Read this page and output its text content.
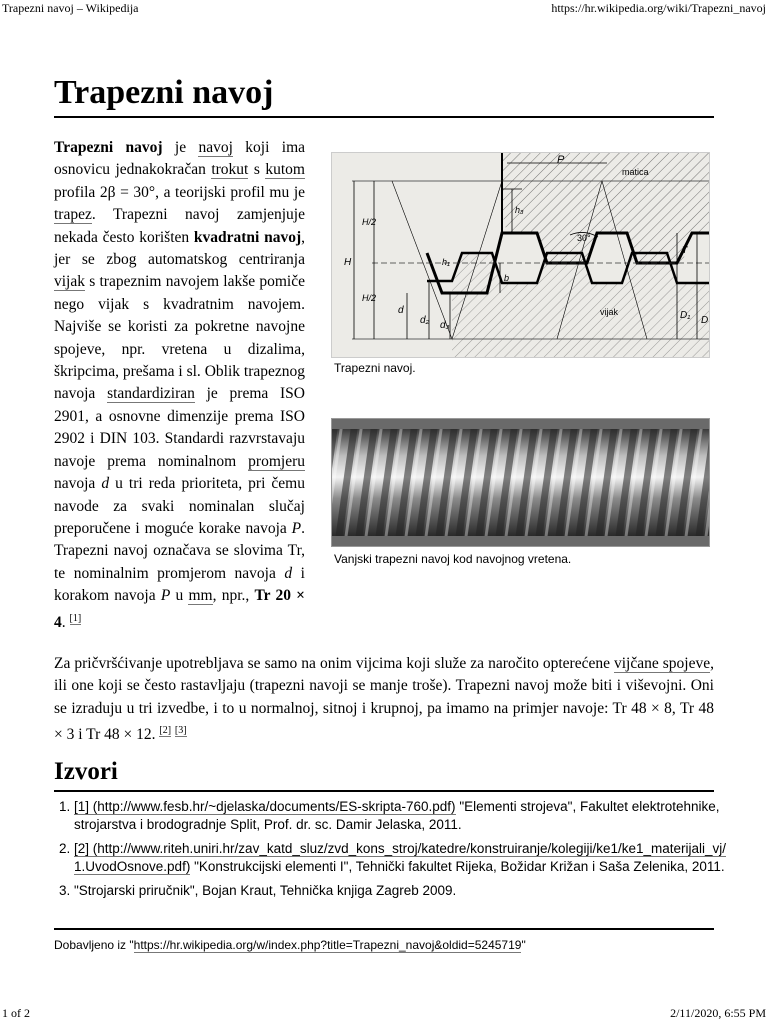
Trapezni navoj – Wikipedija	https://hr.wikipedia.org/wiki/Trapezni_navoj
Trapezni navoj
Trapezni navoj je navoj koji ima osnovicu jednakokračan trokut s kutom profila 2β = 30°, a teorijski profil mu je trapez. Trapezni navoj zamjenjuje nekada često korišten kvadratni navoj, jer se zbog automatskog centriranja vijak s trapeznim navojem lakše pomiče nego vijak s kvadratnim navojem. Najviše se koristi za pokretne navojne spojeve, npr. vretena u dizalima, škripcima, prešama i sl. Oblik trapeznog navoja standardiziran je prema ISO 2901, a osnovne dimenzije prema ISO 2902 i DIN 103. Standardi razvrstavaju navoje prema nominalnom promjeru navoja d u tri reda prioriteta, pri čemu navode za svaki nominalan slučaj preporučene i moguće korake navoja P. Trapezni navoj označava se slovima Tr, te nominalnim promjerom navoja d i korakom navoja P u mm, npr., Tr 20 × 4. [1]
P
matica
30°
vijak
H
H/2
H/2
d
d₂ d₃
h₁
h₃
b
D
D₁
T
Trapezni navoj.
Vanjski trapezni navoj kod navojnog vretena.
Za pričvršćivanje upotrebljava se samo na onim vijcima koji služe za naročito opterećene vijčane spojeve, ili one koji se često rastavljaju (trapezni navoji se manje troše). Trapezni navoj može biti i viševojni. Oni se izraduju u tri izvedbe, i to u normalnoj, sitnoj i krupnoj, pa imamo na primjer navoje: Tr 48 × 8, Tr 48 × 3 i Tr 48 × 12. [2] [3]
Izvori
1. [1] (http://www.fesb.hr/~djelaska/documents/ES-skripta-760.pdf) "Elementi strojeva", Fakultet elektrotehnike, strojarstva i brodogradnje Split, Prof. dr. sc. Damir Jelaska, 2011.
2. [2] (http://www.riteh.uniri.hr/zav_katd_sluz/zvd_kons_stroj/katedre/konstruiranje/kolegiji/ke1/ke1_materijali_vj/1.UvodOsnove.pdf) "Konstrukcijski elementi I", Tehnički fakultet Rijeka, Božidar Križan i Saša Zelenika, 2011.
3. "Strojarski priručnik", Bojan Kraut, Tehnička knjiga Zagreb 2009.
Dobavljeno iz "https://hr.wikipedia.org/w/index.php?title=Trapezni_navoj&oldid=5245719"
1 of 2	2/11/2020, 6:55 PM
